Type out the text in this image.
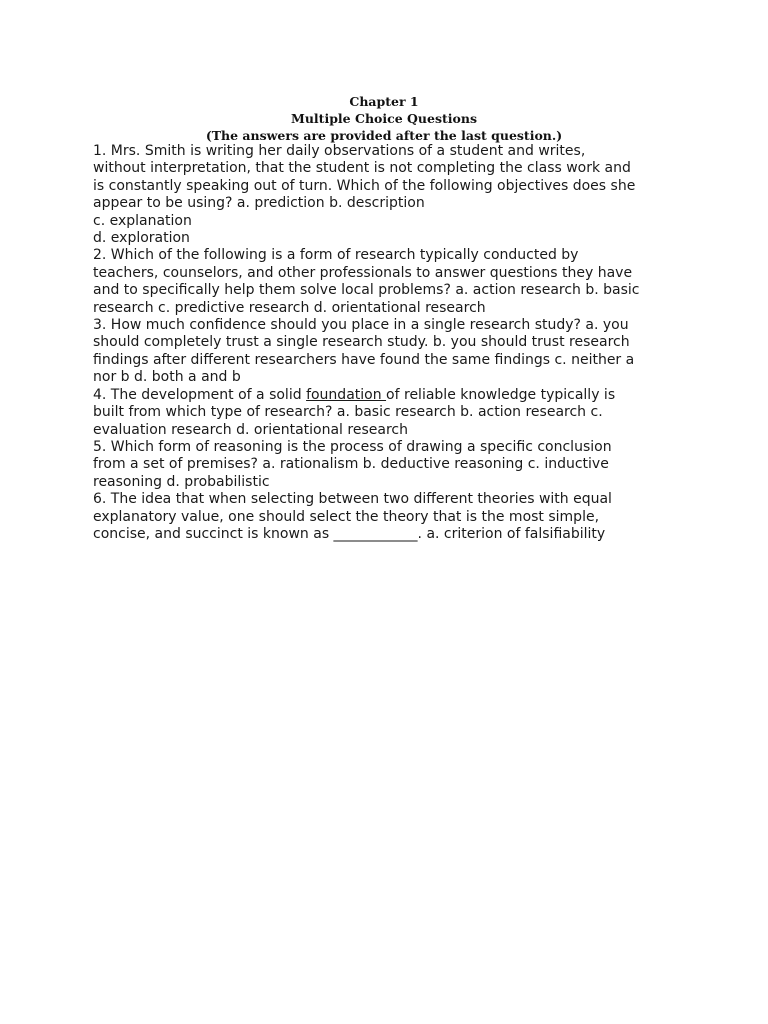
Chapter 1
Multiple Choice Questions
(The answers are provided after the last question.)
1. Mrs. Smith is writing her daily observations of a student and writes,
without interpretation, that the student is not completing the class work and
is constantly speaking out of turn. Which of the following objectives does she
appear to be using? a. prediction b. description
c. explanation
d. exploration
2. Which of the following is a form of research typically conducted by
teachers, counselors, and other professionals to answer questions they have
and to specifically help them solve local problems? a. action research b. basic
research c. predictive research d. orientational research
3. How much confidence should you place in a single research study? a. you
should completely trust a single research study. b. you should trust research
findings after different researchers have found the same findings c. neither a
nor b d. both a and b
4. The development of a solid foundation of reliable knowledge typically is
built from which type of research? a. basic research b. action research c.
evaluation research d. orientational research
5. Which form of reasoning is the process of drawing a specific conclusion
from a set of premises? a. rationalism b. deductive reasoning c. inductive
reasoning d. probabilistic
6. The idea that when selecting between two different theories with equal
explanatory value, one should select the theory that is the most simple,
concise, and succinct is known as ____________. a. criterion of falsifiability
